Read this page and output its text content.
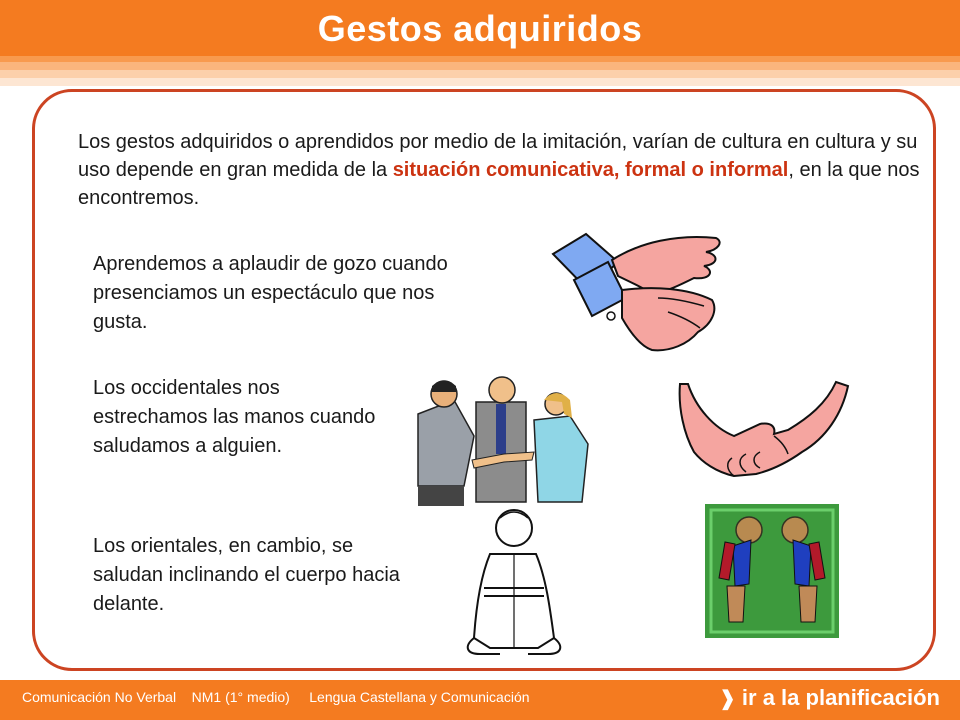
Gestos adquiridos
Los gestos adquiridos o aprendidos por medio de la imitación, varían de cultura en cultura y su uso depende en gran medida de la situación comunicativa, formal o informal, en la que nos encontremos.
Aprendemos a aplaudir de gozo cuando presenciamos un espectáculo que nos gusta.
Los occidentales nos estrechamos las manos cuando saludamos a alguien.
Los orientales, en cambio, se saludan inclinando el cuerpo hacia delante.
Comunicación No Verbal    NM1 (1° medio)     Lengua Castellana y Comunicación	❱ ir a la planificación
